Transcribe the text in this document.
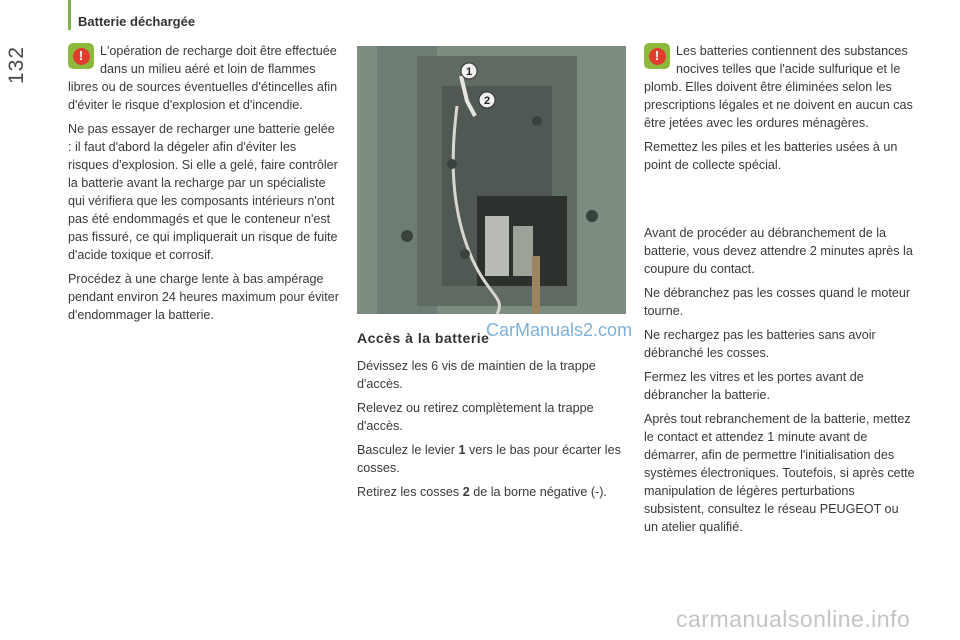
132
Batterie déchargée
!	L'opération de recharge doit être effectuée dans un milieu aéré et loin de flammes libres ou de sources éventuelles d'étincelles afin d'éviter le risque d'explosion et d'incendie.

Ne pas essayer de recharger une batterie gelée : il faut d'abord la dégeler afin d'éviter les risques d'explosion. Si elle a gelé, faire contrôler la batterie avant la recharge par un spécialiste qui vérifiera que les composants intérieurs n'ont pas été endommagés et que le conteneur n'est pas fissuré, ce qui impliquerait un risque de fuite d'acide toxique et corrosif.

Procédez à une charge lente à bas ampérage pendant environ 24 heures maximum pour éviter d'endommager la batterie.

1
2
Accès à la batterie
CarManuals2.com

Dévissez les 6 vis de maintien de la trappe d'accès.

Relevez ou retirez complètement la trappe d'accès.

Basculez le levier 1 vers le bas pour écarter les cosses.

Retirez les cosses 2 de la borne négative (-).

!	Les batteries contiennent des substances nocives telles que l'acide sulfurique et le plomb. Elles doivent être éliminées selon les prescriptions légales et ne doivent en aucun cas être jetées avec les ordures ménagères.

Remettez les piles et les batteries usées à un point de collecte spécial.

Avant de procéder au débranchement de la batterie, vous devez attendre 2 minutes après la coupure du contact.

Ne débranchez pas les cosses quand le moteur tourne.

Ne rechargez pas les batteries sans avoir débranché les cosses.

Fermez les vitres et les portes avant de débrancher la batterie.

Après tout rebranchement de la batterie, mettez le contact et attendez 1 minute avant de démarrer, afin de permettre l'initialisation des systèmes électroniques. Toutefois, si après cette manipulation de légères perturbations subsistent, consultez le réseau PEUGEOT ou un atelier qualifié.

carmanualsonline.info
